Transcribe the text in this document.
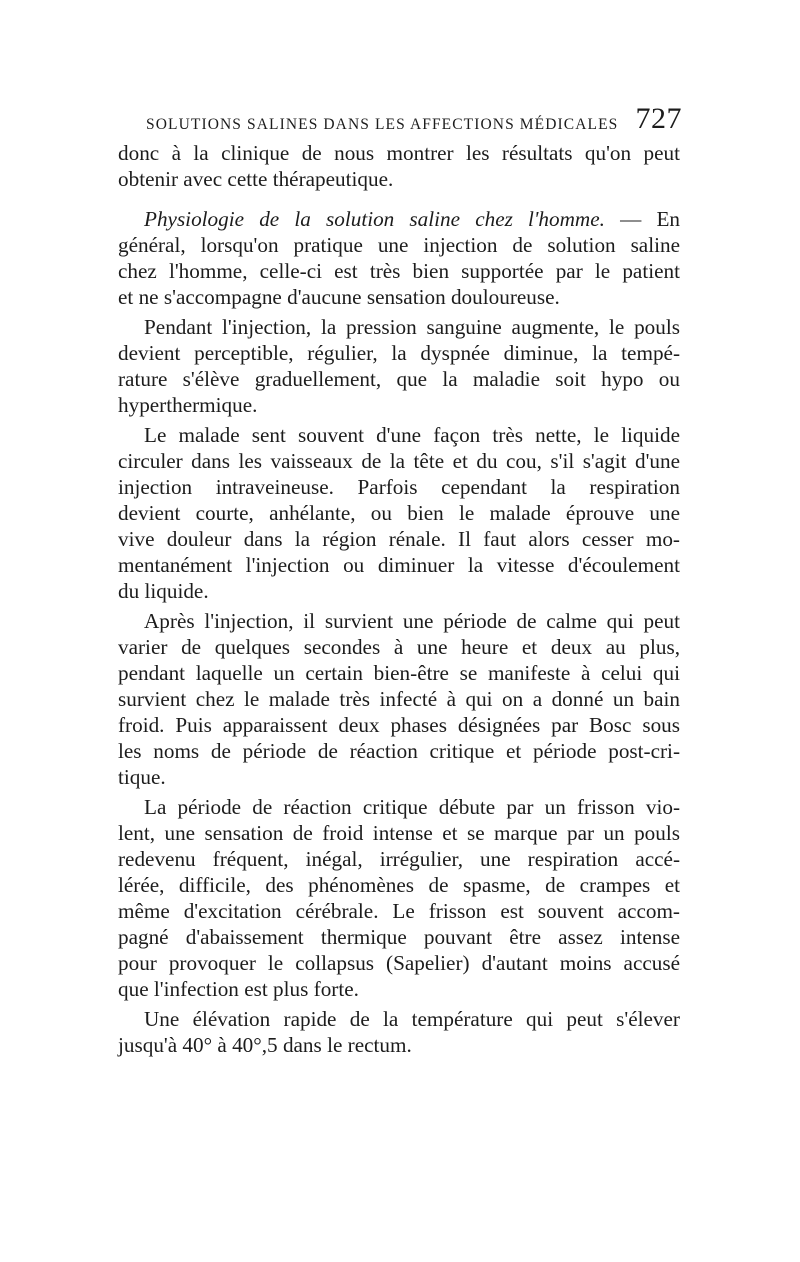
SOLUTIONS SALINES DANS LES AFFECTIONS MÉDICALES 727
donc à la clinique de nous montrer les résultats qu'on peut
obtenir avec cette thérapeutique.
Physiologie de la solution saline chez l'homme. — En
général, lorsqu'on pratique une injection de solution saline
chez l'homme, celle-ci est très bien supportée par le patient
et ne s'accompagne d'aucune sensation douloureuse.
Pendant l'injection, la pression sanguine augmente, le pouls
devient perceptible, régulier, la dyspnée diminue, la tempé-
rature s'élève graduellement, que la maladie soit hypo ou
hyperthermique.
Le malade sent souvent d'une façon très nette, le liquide
circuler dans les vaisseaux de la tête et du cou, s'il s'agit d'une
injection intraveineuse. Parfois cependant la respiration
devient courte, anhélante, ou bien le malade éprouve une
vive douleur dans la région rénale. Il faut alors cesser mo-
mentanément l'injection ou diminuer la vitesse d'écoulement
du liquide.
Après l'injection, il survient une période de calme qui peut
varier de quelques secondes à une heure et deux au plus,
pendant laquelle un certain bien-être se manifeste à celui qui
survient chez le malade très infecté à qui on a donné un bain
froid. Puis apparaissent deux phases désignées par Bosc sous
les noms de période de réaction critique et période post-cri-
tique.
La période de réaction critique débute par un frisson vio-
lent, une sensation de froid intense et se marque par un pouls
redevenu fréquent, inégal, irrégulier, une respiration accé-
lérée, difficile, des phénomènes de spasme, de crampes et
même d'excitation cérébrale. Le frisson est souvent accom-
pagné d'abaissement thermique pouvant être assez intense
pour provoquer le collapsus (Sapelier) d'autant moins accusé
que l'infection est plus forte.
Une élévation rapide de la température qui peut s'élever
jusqu'à 40° à 40°,5 dans le rectum.
